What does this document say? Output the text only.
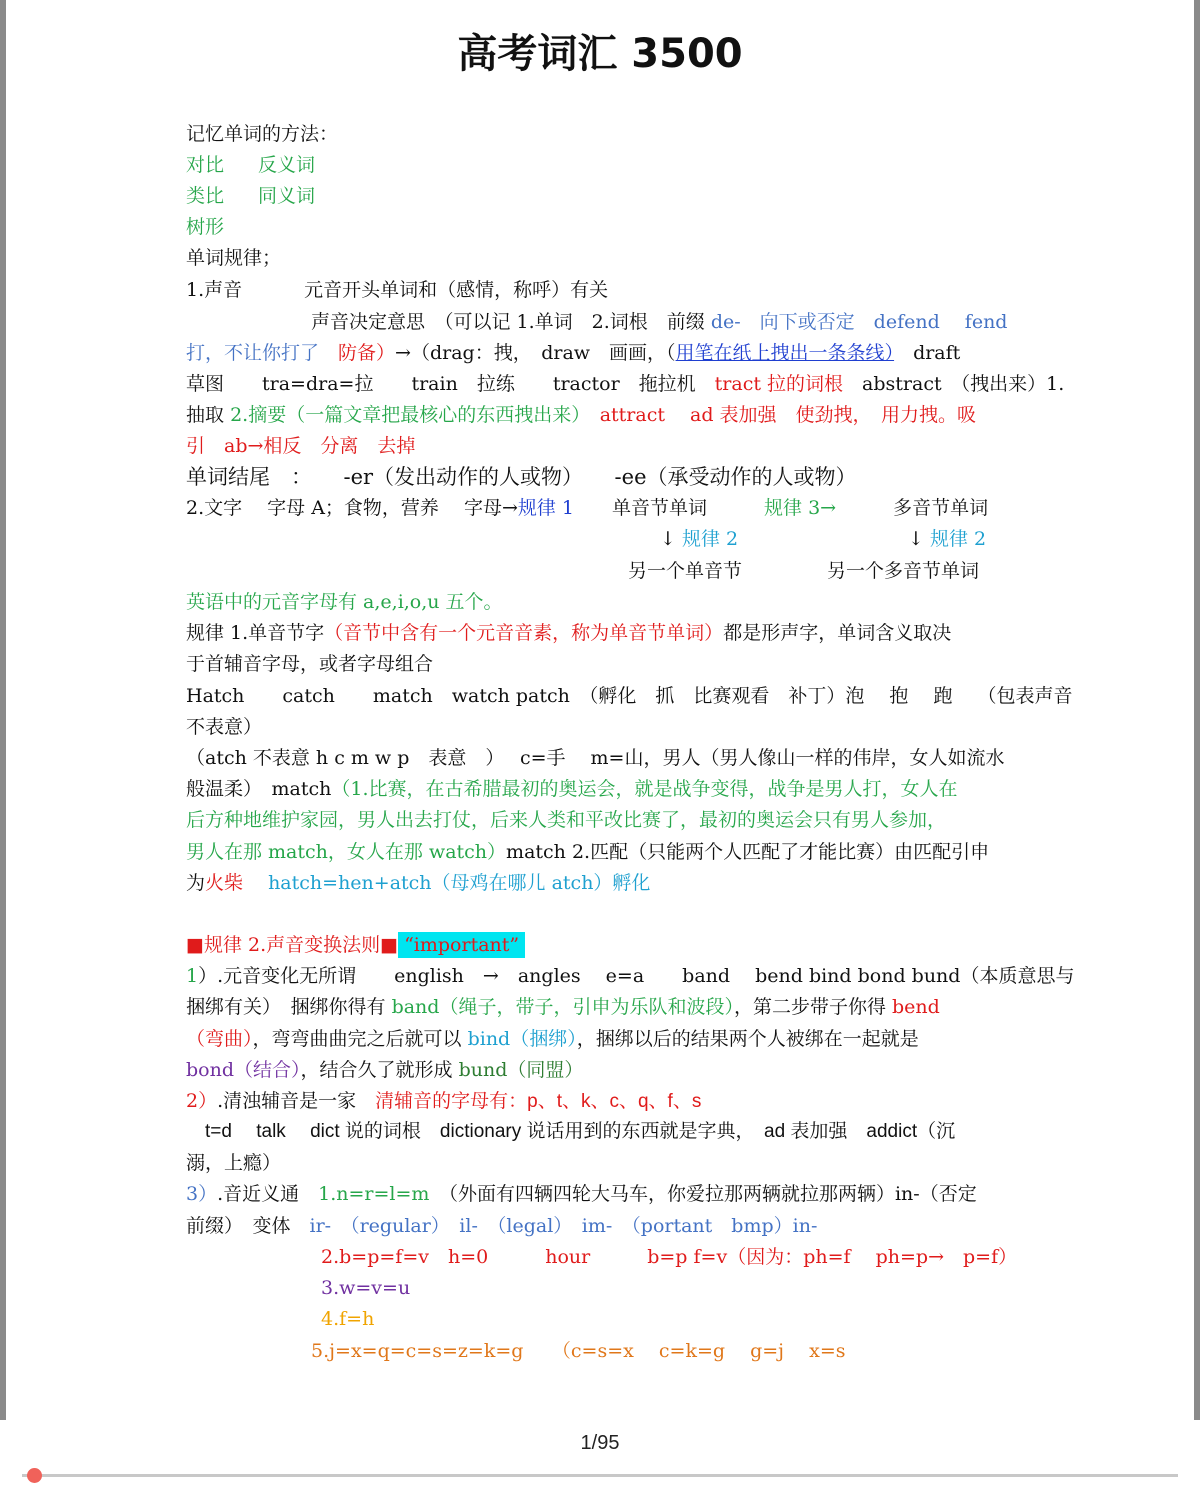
高考词汇 3500
记忆单词的方法：
对比 反义词
类比 同义词
树形
单词规律；
1.声音	元音开头单词和（感情，称呼）有关
声音决定意思　（可以记 1.单词　2.词根　前缀 de-　向下或否定　defend　 fend
打，不让你打了　 防备）→（drag：拽，　draw　画画，（用笔在纸上拽出一条条线）　draft
草图　　tra=dra=拉　　train　拉练　　tractor　拖拉机　tract 拉的词根　abstract　（拽出来）1.
抽取 2.摘要（一篇文章把最核心的东西拽出来）　attract　 ad 表加强　使劲拽，　用力拽。吸
引　ab→相反　分离　去掉
单词结尾　：　　-er（发出动作的人或物）　　-ee（承受动作的人或物）
2.文字　 字母 A；食物，营养　 字母→规律 1　　单音节单词　　　规律 3→　　　多音节单词
↓ 规律 2	↓ 规律 2
另一个单音节	另一个多音节单词
英语中的元音字母有 a,e,i,o,u 五个。
规律 1.单音节字（音节中含有一个元音音素，称为单音节单词）都是形声字，单词含义取决
于首辅音字母，或者字母组合
Hatch　　catch　　match　watch patch　（孵化　抓　比赛观看　补丁）泡　 抱　 跑　 （包表声音
不表意）
（atch 不表意 h c m w p　表意　）　 c=手　 m=山，男人（男人像山一样的伟岸，女人如流水
般温柔）　match（1.比赛，在古希腊最初的奥运会，就是战争变得，战争是男人打，女人在
后方种地维护家园，男人出去打仗，后来人类和平改比赛了，最初的奥运会只有男人参加，
男人在那 match，女人在那 watch）match 2.匹配（只能两个人匹配了才能比赛）由匹配引申
为火柴　 hatch=hen+atch（母鸡在哪儿 atch）孵化
■规律 2.声音变换法则■ “important”
1）.元音变化无所谓　　english　→　angles　 e=a　　band　 bend bind bond bund（本质意思与
捆绑有关）　捆绑你得有 band（绳子，带子，引申为乐队和波段），第二步带子你得 bend
（弯曲），弯弯曲曲完之后就可以 bind（捆绑），捆绑以后的结果两个人被绑在一起就是
bond（结合），结合久了就形成 bund（同盟）
2）.清浊辅音是一家　清辅音的字母有：p、t、k、c、q、f、s
　t=d　 talk　 dict 说的词根　dictionary 说话用到的东西就是字典，　ad 表加强　addict（沉
溺，上瘾）
3）.音近义通　1.n=r=l=m　（外面有四辆四轮大马车，你爱拉那两辆就拉那两辆）in-（否定
前缀）　变体　ir-　（regular）　il-　（legal）　im-　（portant　bmp）in-
2.b=p=f=v　h=0　　　hour　　　b=p f=v（因为：ph=f　 ph=p→　p=f）
3.w=v=u
4.f=h
5.j=x=q=c=s=z=k=g　　（c=s=x　 c=k=g　 g=j　 x=s
1/95
